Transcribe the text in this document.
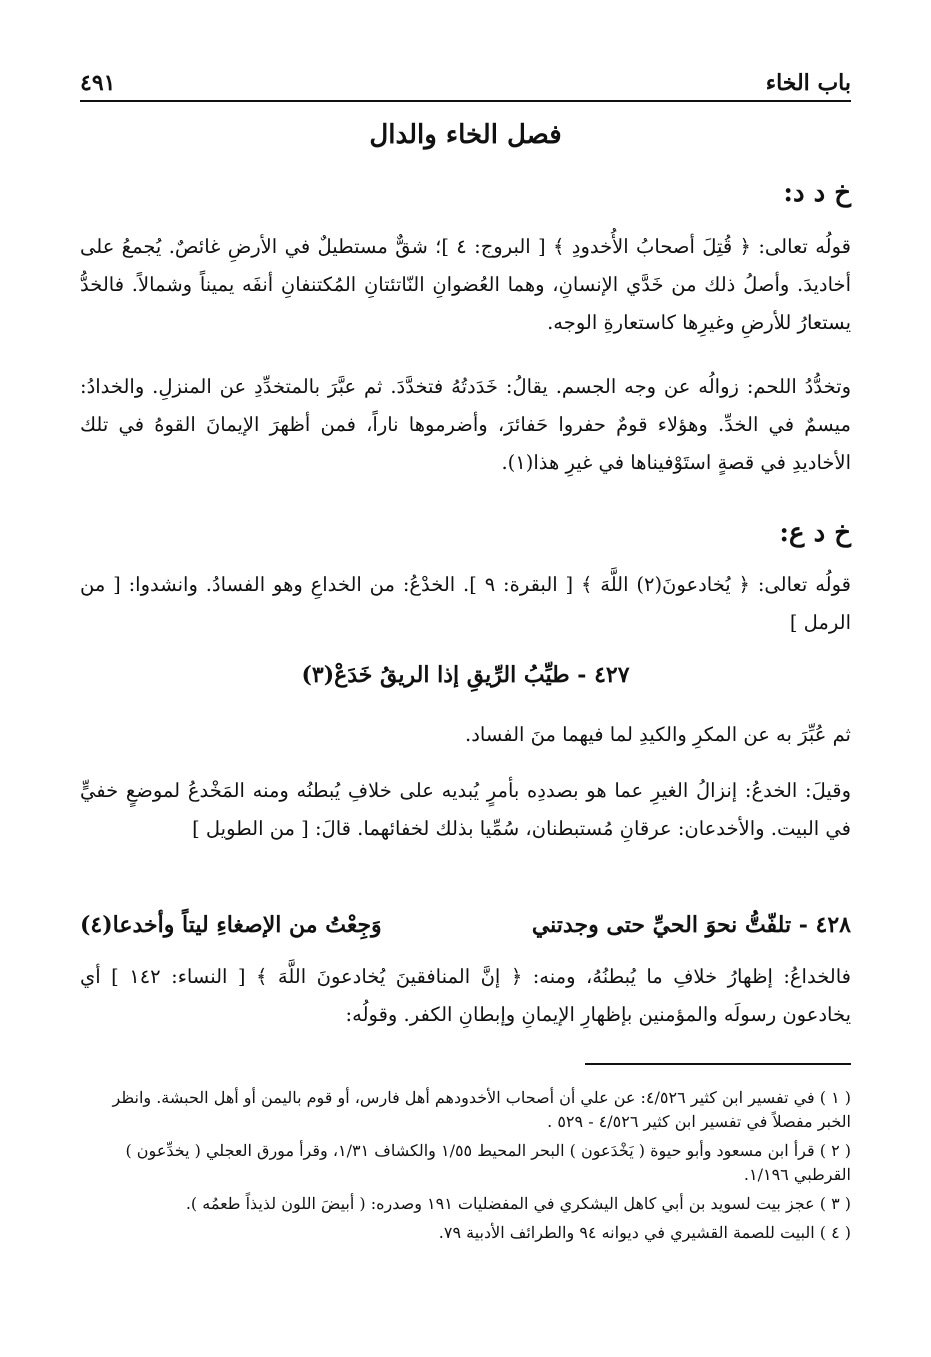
باب الخاء
٤٩١
فصل الخاء والدال
خ د د:
قولُه تعالى: ﴿ قُتِلَ أصحابُ الأُخدودِ ﴾ [ البروج: ٤ ]؛ شقٌّ مستطيلٌ في الأرضِ غائصٌ. يُجمعُ على أخاديدَ. وأصلُ ذلك من خَدَّي الإنسانِ، وهما العُضوانِ النّاتئتانِ المُكتنفانِ أنفَه يميناً وشمالاً. فالخدُّ يستعارُ للأرضِ وغيرِها كاستعارةِ الوجه.
وتخدُّدُ اللحم: زوالُه عن وجه الجسم. يقالُ: خَدَدتُهُ فتخدَّدَ. ثم عبَّرَ بالمتخدِّدِ عن المنزلِ. والخدادُ: ميسمٌ في الخدِّ. وهؤلاء قومٌ حفروا حَفائرَ، وأضرموها ناراً، فمن أظهرَ الإيمانَ القوهُ في تلك الأخاديدِ في قصةٍ استَوْفيناها في غيرِ هذا(١).
خ د ع:
قولُه تعالى: ﴿ يُخادعونَ(٢) اللَّهَ ﴾ [ البقرة: ٩ ]. الخدْعُ: من الخداعِ وهو الفسادُ. وانشدوا: [ من الرمل ]
٤٢٧ - طيِّبُ الرِّيقِ إذا الريقُ خَدَعْ(٣)
ثم عُبِّرَ به عن المكرِ والكيدِ لما فيهما منَ الفساد.
وقيلَ: الخدعُ: إنزالُ الغيرِ عما هو بصددِه بأمرٍ يُبديه على خلافِ يُبطنُه ومنه المَخْدعُ لموضعٍ خفيٍّ في البيت. والأخدعان: عرقانِ مُستبطنان، سُمِّيا بذلك لخفائهما. قالَ: [ من الطويل ]
٤٢٨ - تلفّتُّ نحوَ الحيِّ حتى وجدتني
وَجِعْتُ من الإصغاءِ ليتاً وأخدعا(٤)
فالخداعُ: إظهارُ خلافِ ما يُبطنُهُ، ومنه: ﴿ إنَّ المنافقينَ يُخادعونَ اللَّهَ ﴾ [ النساء: ١٤٢ ] أي يخادعون رسولَه والمؤمنين بإظهارِ الإيمانِ وإبطانِ الكفر. وقولُه:
( ١ ) في تفسير ابن كثير ٤/٥٢٦: عن علي أن أصحاب الأخدودهم أهل فارس، أو قوم باليمن أو أهل الحبشة. وانظر الخبر مفصلاً في تفسير ابن كثير ٤/٥٢٦ - ٥٢٩ .
( ٢ ) قرأ ابن مسعود وأبو حيوة ( يَخْدَعون ) البحر المحيط ١/٥٥ والكشاف ١/٣١، وقرأ مورق العجلي ( يخدِّعون ) القرطبي ١/١٩٦.
( ٣ ) عجز بيت لسويد بن أبي كاهل اليشكري في المفضليات ١٩١ وصدره: ( أبيضَ اللون لذيذاً طعمُه ).
( ٤ ) البيت للصمة القشيري في ديوانه ٩٤ والطرائف الأدبية ٧٩.
